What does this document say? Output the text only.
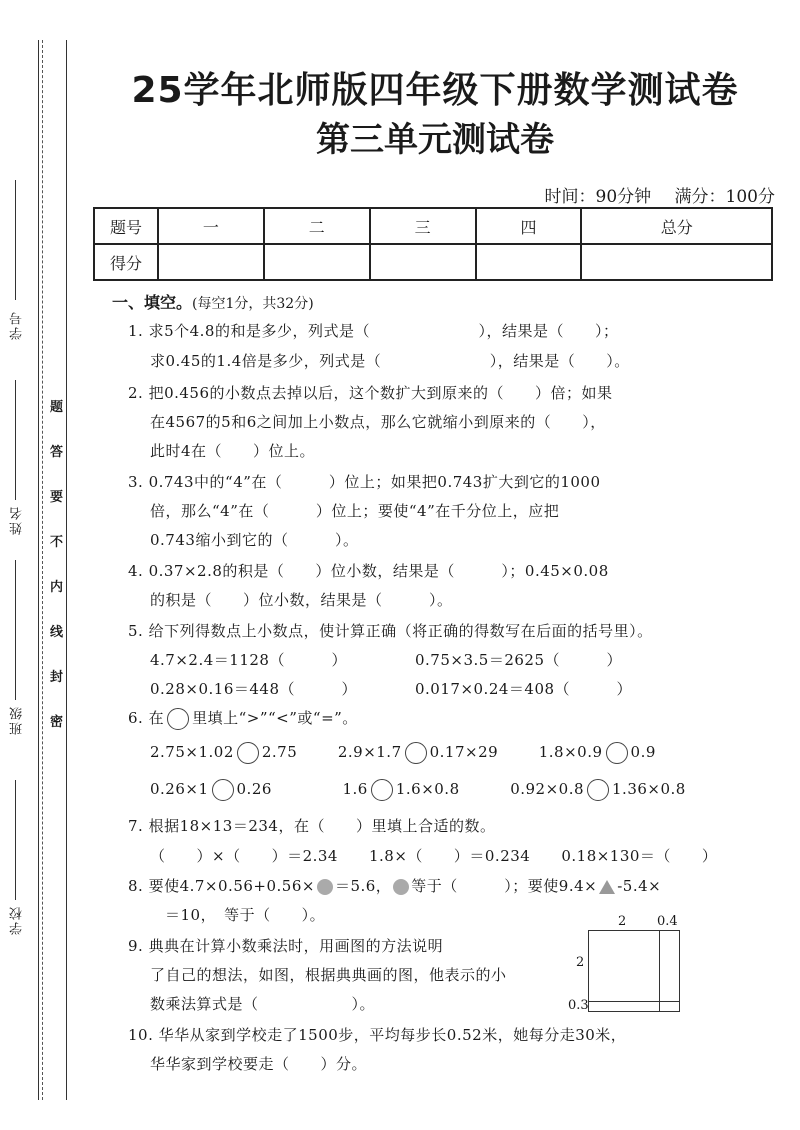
学号
姓名
班级
学校
题
答
要
不
内
线
封
密
25学年北师版四年级下册数学测试卷
第三单元测试卷
时间：90分钟 满分：100分
题号	一	二	三	四	总分
得分					
一、填空。(每空1分，共32分)
1. 求5个4.8的和是多少，列式是（　　　　　　　），结果是（　　）；
求0.45的1.4倍是多少，列式是（　　　　　　　），结果是（　　）。
2. 把0.456的小数点去掉以后，这个数扩大到原来的（　　）倍；如果
在4567的5和6之间加上小数点，那么它就缩小到原来的（　　），
此时4在（　　）位上。
3. 0.743中的“4”在（　　　）位上；如果把0.743扩大到它的1000
倍，那么“4”在（　　　）位上；要使“4”在千分位上，应把
0.743缩小到它的（　　　）。
4. 0.37×2.8的积是（　　）位小数，结果是（　　　）；0.45×0.08
的积是（　　）位小数，结果是（　　　）。
5. 给下列得数点上小数点，使计算正确（将正确的得数写在后面的括号里）。
4.7×2.4＝1128（　　　）	0.75×3.5＝2625（　　　）
0.28×0.16＝448（　　　）	0.017×0.24＝408（　　　）
6. 在 里填上“>”“<”或“=”。
2.75×1.02 2.75	2.9×1.7 0.17×29	1.8×0.9 0.9
0.26×1 0.26	1.6 1.6×0.8	0.92×0.8 1.36×0.8
7. 根据18×13＝234，在（　　）里填上合适的数。
（　　）×（　　）＝2.34　　1.8×（　　）＝0.234　　0.18×130＝（　　）
8. 要使4.7×0.56+0.56× ＝5.6， 等于（　　　）；要使9.4× -5.4×
＝10，　等于（　　）。
9. 典典在计算小数乘法时，用画图的方法说明
了自己的想法，如图，根据典典画的图，他表示的小
数乘法算式是（　　　　　　）。
10. 华华从家到学校走了1500步，平均每步长0.52米，她每分走30米，
华华家到学校要走（　　）分。
2 0.4
2
0.3
